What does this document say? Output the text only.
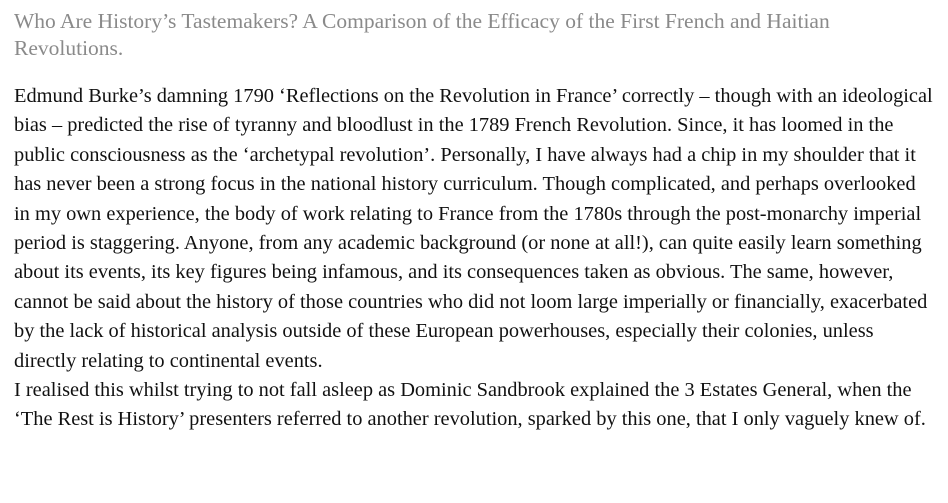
Who Are History’s Tastemakers? A Comparison of the Efficacy of the First French and Haitian Revolutions.

Edmund Burke’s damning 1790 ‘Reflections on the Revolution in France’ correctly – though with an ideological bias – predicted the rise of tyranny and bloodlust in the 1789 French Revolution. Since, it has loomed in the public consciousness as the ‘archetypal revolution’. Personally, I have always had a chip in my shoulder that it has never been a strong focus in the national history curriculum. Though complicated, and perhaps overlooked in my own experience, the body of work relating to France from the 1780s through the post-monarchy imperial period is staggering. Anyone, from any academic background (or none at all!), can quite easily learn something about its events, its key figures being infamous, and its consequences taken as obvious. The same, however, cannot be said about the history of those countries who did not loom large imperially or financially, exacerbated by the lack of historical analysis outside of these European powerhouses, especially their colonies, unless directly relating to continental events.

I realised this whilst trying to not fall asleep as Dominic Sandbrook explained the 3 Estates General, when the ‘The Rest is History’ presenters referred to another revolution, sparked by this one, that I only vaguely knew of.
